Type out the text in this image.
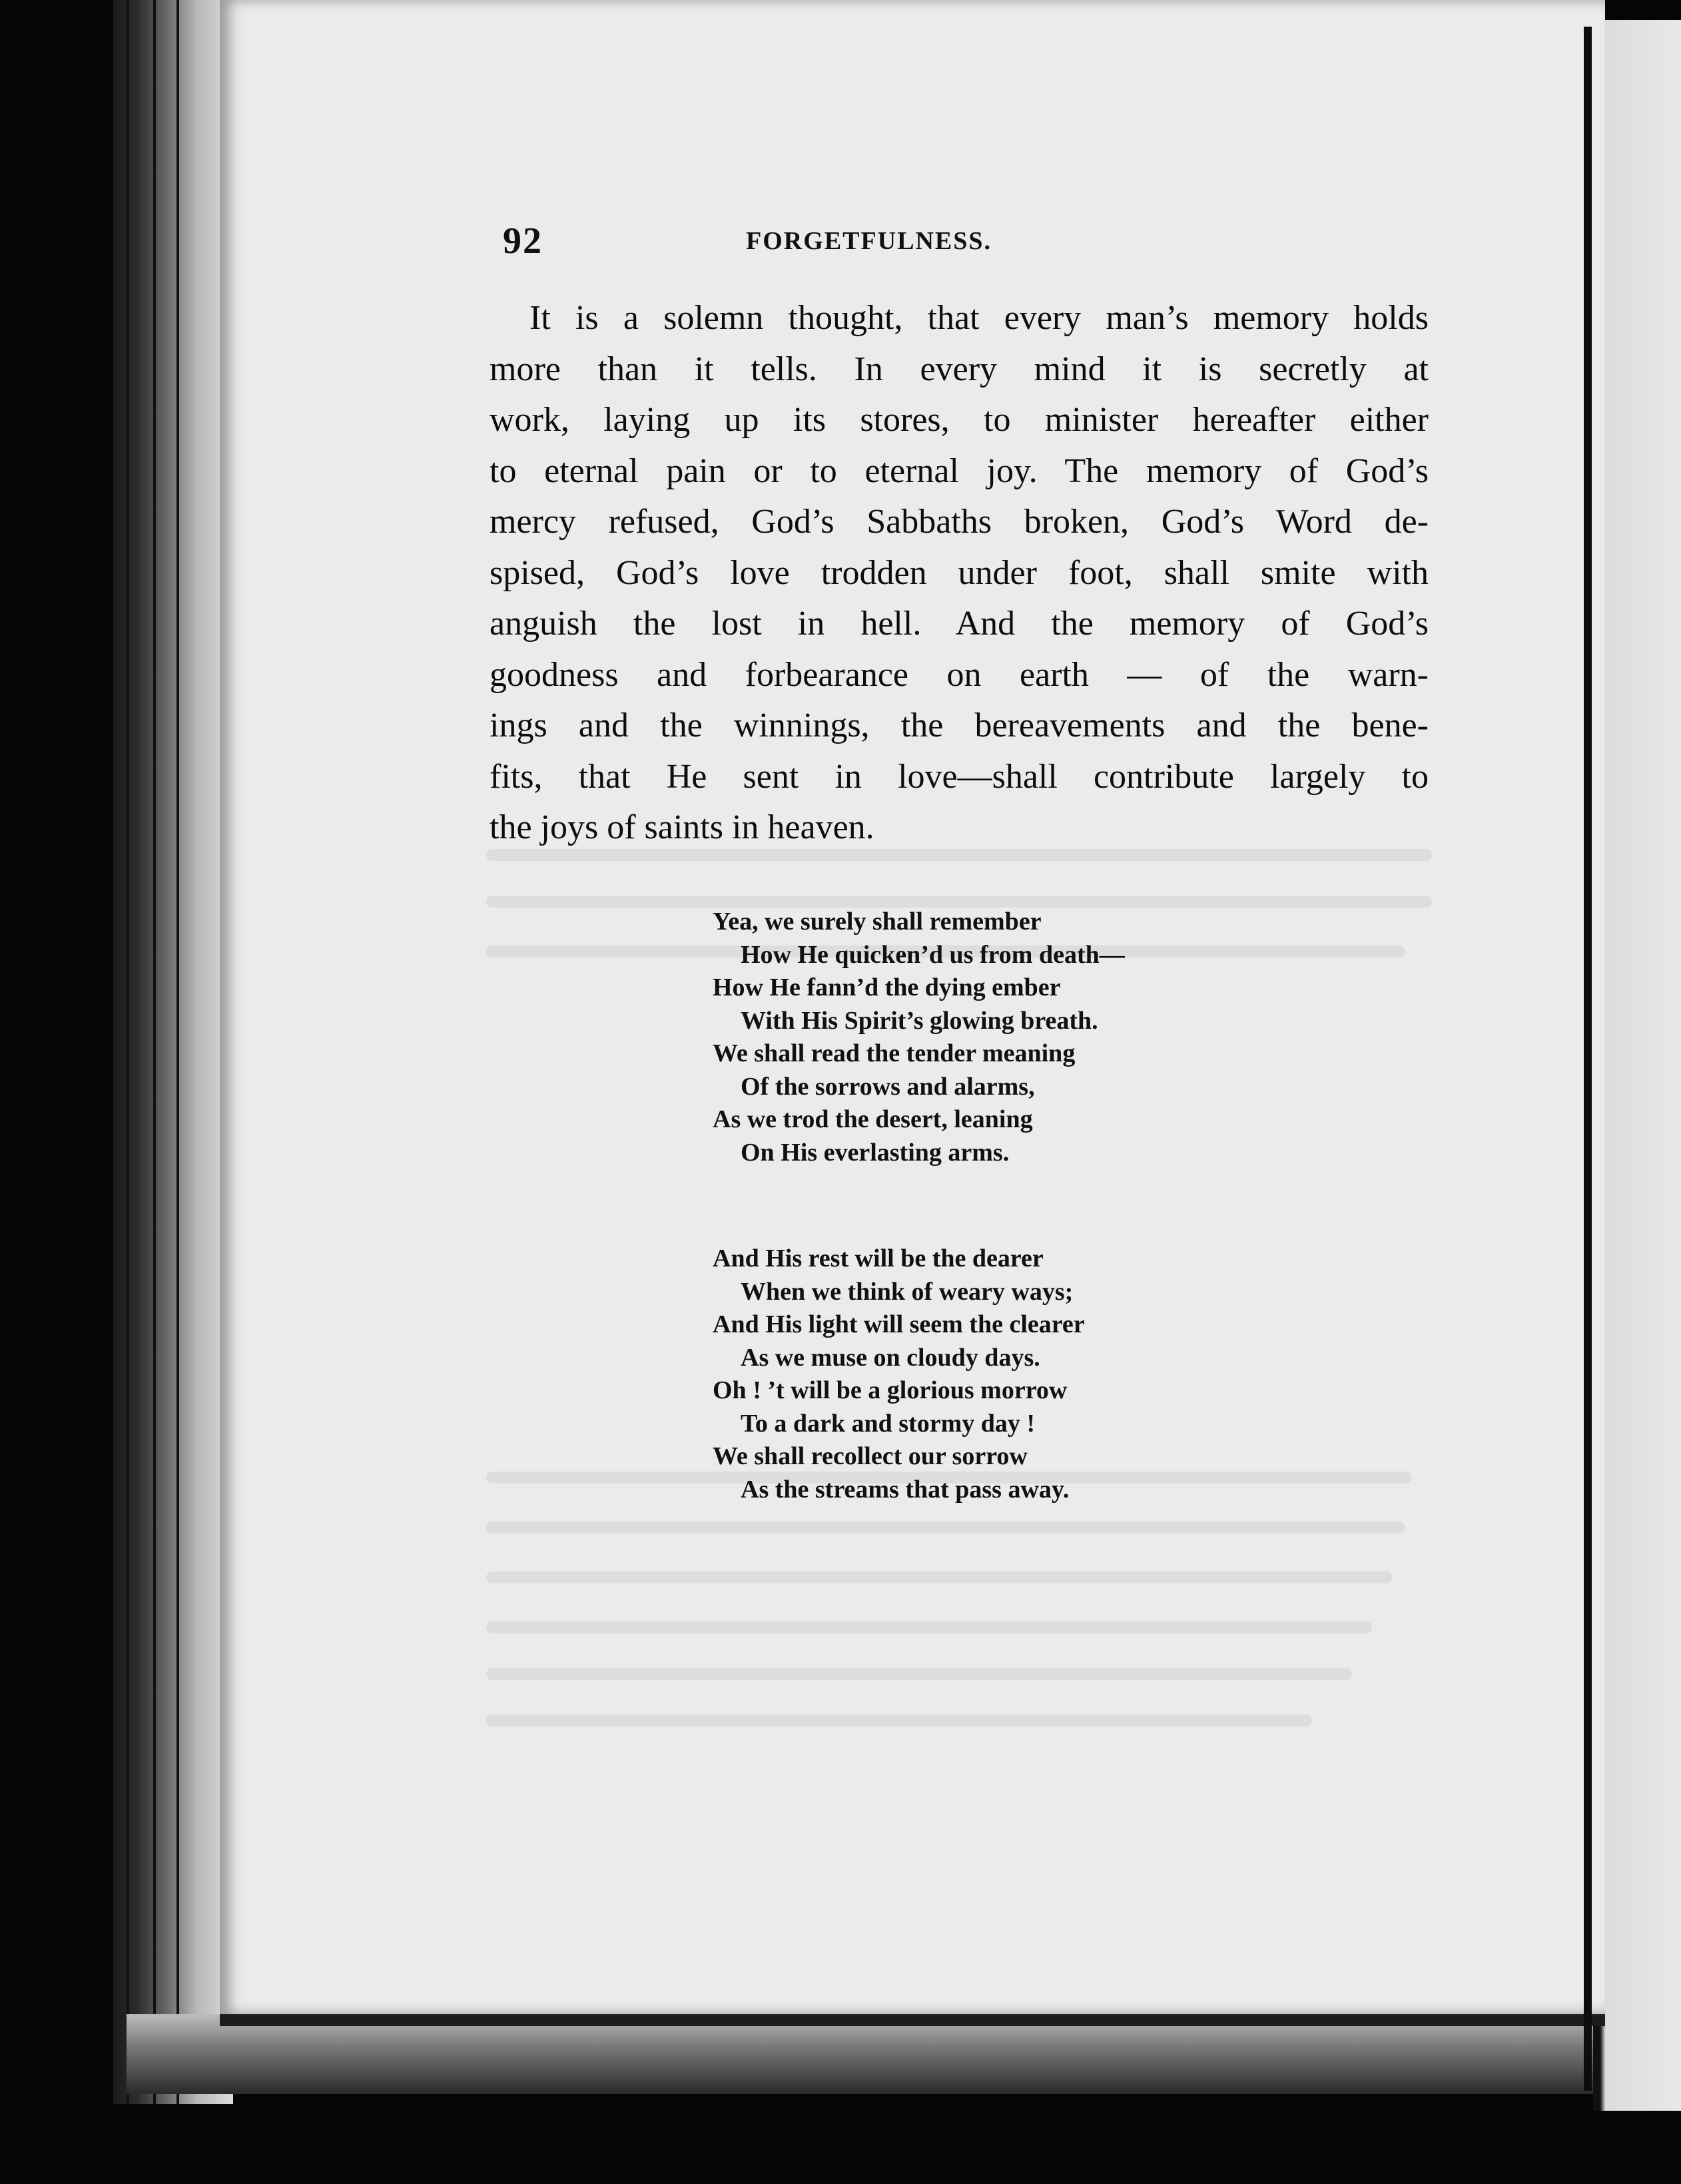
92	FORGETFULNESS.
It is a solemn thought, that every man’s memory holds
more than it tells. In every mind it is secretly at
work, laying up its stores, to minister hereafter either
to eternal pain or to eternal joy. The memory of God’s
mercy refused, God’s Sabbaths broken, God’s Word de-
spised, God’s love trodden under foot, shall smite with
anguish the lost in hell. And the memory of God’s
goodness and forbearance on earth — of the warn-
ings and the winnings, the bereavements and the bene-
fits, that He sent in love—shall contribute largely to
the joys of saints in heaven.
Yea, we surely shall remember
How He quicken’d us from death—
How He fann’d the dying ember
With His Spirit’s glowing breath.
We shall read the tender meaning
Of the sorrows and alarms,
As we trod the desert, leaning
On His everlasting arms.
And His rest will be the dearer
When we think of weary ways;
And His light will seem the clearer
As we muse on cloudy days.
Oh ! ’t will be a glorious morrow
To a dark and stormy day !
We shall recollect our sorrow
As the streams that pass away.
